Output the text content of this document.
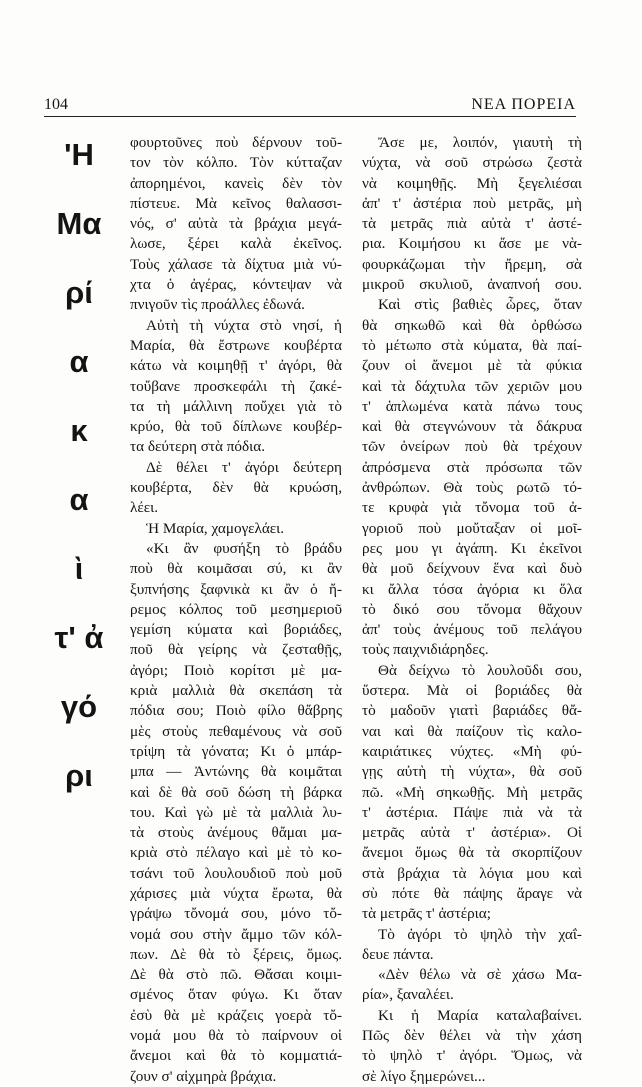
104	ΝΕΑ ΠΟΡΕΙΑ
'Η
Μα
ρί
α
κ
α
ὶ
τ' ἀ
γό
ρι
φουρτοῦνες ποὺ δέρνουν τοῦ-
τον τὸν κόλπο. Τὸν κύτταζαν
ἀπορημένοι, κανεὶς δὲν τὸν
πίστευε. Μὰ κεῖνος θαλασσι-
νός, σ' αὐτὰ τὰ βράχια μεγά-
λωσε, ξέρει καλὰ ἐκεῖνος.
Τοὺς χάλασε τὰ δίχτυα μιὰ νύ-
χτα ὁ ἀγέρας, κόντεψαν νὰ
πνιγοῦν τὶς προάλλες ἐδωνά.
Αὐτὴ τὴ νύχτα στὸ νησί, ἡ
Μαρία, θὰ ἔστρωνε κουβέρτα
κάτω νὰ κοιμηθῇ τ' ἀγόρι, θὰ
τοὔβανε προσκεφάλι τὴ ζακέ-
τα τὴ μάλλινη ποὔχει γιὰ τὸ
κρύο, θὰ τοῦ δίπλωνε κουβέρ-
τα δεύτερη στὰ πόδια.
Δὲ θέλει τ' ἀγόρι δεύτερη
κουβέρτα, δὲν θὰ κρυώση,
λέει.
Ἡ Μαρία, χαμογελάει.
«Κι ἂν φυσήξη τὸ βράδυ
ποὺ θὰ κοιμᾶσαι σύ, κι ἂν
ξυπνήσης ξαφνικὰ κι ἂν ὁ ἤ-
ρεμος κόλπος τοῦ μεσημεριοῦ
γεμίση κύματα καὶ βοριάδες,
ποῦ θὰ γείρης νὰ ζεσταθῇς,
ἀγόρι; Ποιὸ κορίτσι μὲ μα-
κριὰ μαλλιὰ θὰ σκεπάση τὰ
πόδια σου; Ποιὸ φίλο θἄβρης
μὲς στοὺς πεθαμένους νὰ σοῦ
τρίψη τὰ γόνατα; Κι ὁ μπάρ-
μπα — Ἀντώνης θὰ κοιμᾶται
καὶ δὲ θὰ σοῦ δώση τὴ βάρκα
του. Καὶ γὼ μὲ τὰ μαλλιὰ λυ-
τὰ στοὺς ἀνέμους θἄμαι μα-
κριὰ στὸ πέλαγο καὶ μὲ τὸ κο-
τσάνι τοῦ λουλουδιοῦ ποὺ μοῦ
χάρισες μιὰ νύχτα ἔρωτα, θὰ
γράψω τὄνομά σου, μόνο τὄ-
νομά σου στὴν ἄμμο τῶν κόλ-
πων. Δὲ θὰ τὸ ξέρεις, ὅμως.
Δὲ θὰ στὸ πῶ. Θἄσαι κοιμι-
σμένος ὅταν φύγω. Κι ὅταν
ἐσὺ θὰ μὲ κράζεις γοερὰ τὄ-
νομά μου θὰ τὸ παίρνουν οἱ
ἄνεμοι καὶ θὰ τὸ κομματιά-
ζουν σ' αἰχμηρὰ βράχια.
Ἄσε με, λοιπόν, γιαυτὴ τὴ
νύχτα, νὰ σοῦ στρώσω ζεστὰ
νὰ κοιμηθῇς. Μὴ ξεγελιέσαι
ἀπ' τ' ἀστέρια ποὺ μετρᾶς, μὴ
τὰ μετρᾶς πιὰ αὐτὰ τ' ἀστέ-
ρια. Κοιμήσου κι ἄσε με νὰ-
φουρκάζωμαι τὴν ἤρεμη, σὰ
μικροῦ σκυλιοῦ, ἀναπνοή σου.
Καὶ στὶς βαθιὲς ὧρες, ὅταν
θὰ σηκωθῶ καὶ θὰ ὀρθώσω
τὸ μέτωπο στὰ κύματα, θὰ παί-
ζουν οἱ ἄνεμοι μὲ τὰ φύκια
καὶ τὰ δάχτυλα τῶν χεριῶν μου
τ' ἁπλωμένα κατὰ πάνω τους
καὶ θὰ στεγνώνουν τὰ δάκρυα
τῶν ὀνείρων ποὺ θὰ τρέχουν
ἀπρόσμενα στὰ πρόσωπα τῶν
ἀνθρώπων. Θὰ τοὺς ρωτῶ τό-
τε κρυφὰ γιὰ τὄνομα τοῦ ἀ-
γοριοῦ ποὺ μοὔταξαν οἱ μοῖ-
ρες μου γι ἀγάπη. Κι ἐκεῖνοι
θὰ μοῦ δείχνουν ἕνα καὶ δυὸ
κι ἄλλα τόσα ἀγόρια κι ὅλα
τὸ δικό σου τὄνομα θἄχουν
ἀπ' τοὺς ἀνέμους τοῦ πελάγου
τοὺς παιχνιδιάρηδες.
Θὰ δείχνω τὸ λουλοῦδι σου,
ὕστερα. Μὰ οἱ βοριάδες θὰ
τὸ μαδοῦν γιατὶ βαριάδες θἄ-
ναι καὶ θὰ παίζουν τὶς καλο-
καιριάτικες νύχτες. «Μὴ φύ-
γῃς αὐτὴ τὴ νύχτα», θὰ σοῦ
πῶ. «Μὴ σηκωθῇς. Μὴ μετρᾶς
τ' ἀστέρια. Πάψε πιὰ νὰ τὰ
μετρᾶς αὐτὰ τ' ἀστέρια». Οἱ
ἄνεμοι ὅμως θὰ τὰ σκορπίζουν
στὰ βράχια τὰ λόγια μου καὶ
σὺ πότε θὰ πάψης ἄραγε νὰ
τὰ μετρᾶς τ' ἀστέρια;
Τὸ ἀγόρι τὸ ψηλὸ τὴν χαΐ-
δευε πάντα.
«Δὲν θέλω νὰ σὲ χάσω Μα-
ρία», ξαναλέει.
Κι ἡ Μαρία καταλαβαίνει.
Πῶς δὲν θέλει νὰ τὴν χάση
τὸ ψηλὸ τ' ἀγόρι. Ὅμως, νὰ
σὲ λίγο ξημερώνει...
